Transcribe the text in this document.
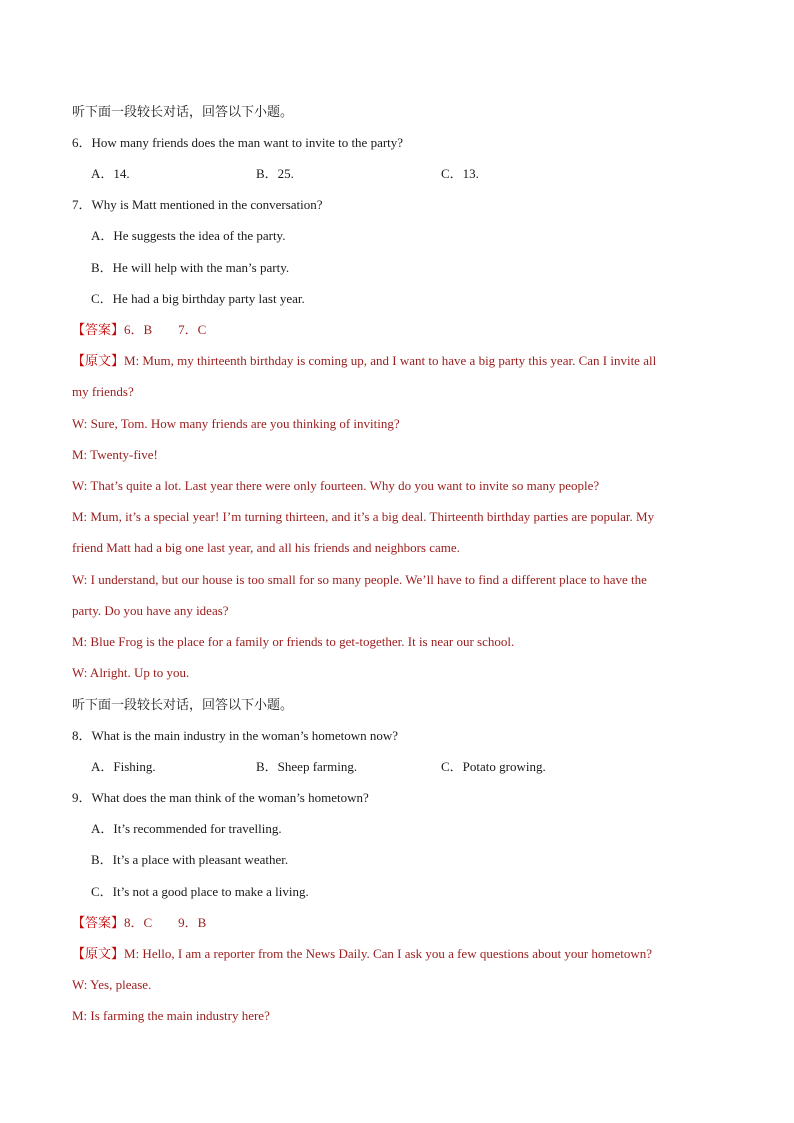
听下面一段较长对话，回答以下小题。
6．How many friends does the man want to invite to the party?
A．14.	B．25.	C．13.
7．Why is Matt mentioned in the conversation?
A．He suggests the idea of the party.
B．He will help with the man’s party.
C．He had a big birthday party last year.
【答案】6．B　　7．C
【原文】M: Mum, my thirteenth birthday is coming up, and I want to have a big party this year. Can I invite all
my friends?
W: Sure, Tom. How many friends are you thinking of inviting?
M: Twenty-five!
W: That’s quite a lot. Last year there were only fourteen. Why do you want to invite so many people?
M: Mum, it’s a special year! I’m turning thirteen, and it’s a big deal. Thirteenth birthday parties are popular. My
friend Matt had a big one last year, and all his friends and neighbors came.
W: I understand, but our house is too small for so many people. We’ll have to find a different place to have the
party. Do you have any ideas?
M: Blue Frog is the place for a family or friends to get-together. It is near our school.
W: Alright. Up to you.
听下面一段较长对话，回答以下小题。
8．What is the main industry in the woman’s hometown now?
A．Fishing.	B．Sheep farming.	C．Potato growing.
9．What does the man think of the woman’s hometown?
A．It’s recommended for travelling.
B．It’s a place with pleasant weather.
C．It’s not a good place to make a living.
【答案】8．C　　9．B
【原文】M: Hello, I am a reporter from the News Daily. Can I ask you a few questions about your hometown?
W: Yes, please.
M: Is farming the main industry here?
